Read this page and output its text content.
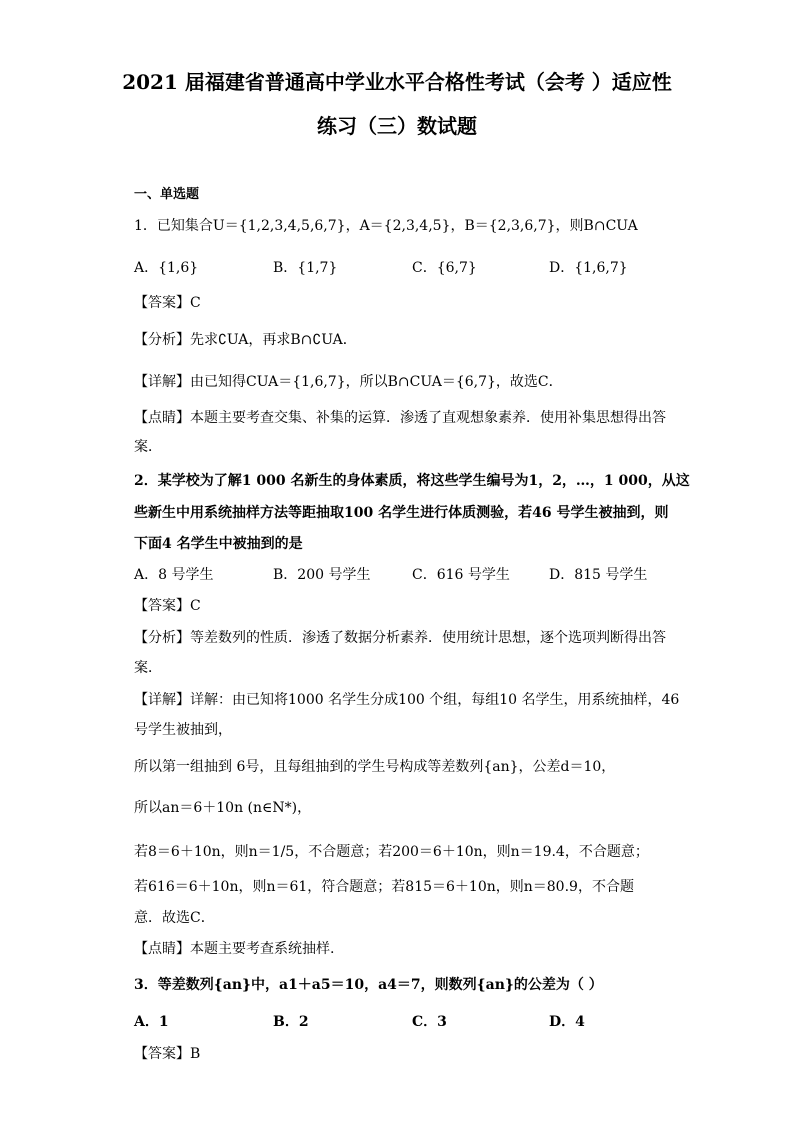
2021 届福建省普通高中学业水平合格性考试（会考 ）适应性
练习（三）数试题
一、单选题
1．已知集合U＝{1,2,3,4,5,6,7}，A＝{2,3,4,5}，B＝{2,3,6,7}，则B∩CUA
A．{1,6}	B．{1,7}	C．{6,7}	D．{1,6,7}
【答案】C
【分析】先求∁UA，再求B∩∁UA．
【详解】由已知得CUA＝{1,6,7}，所以B∩CUA＝{6,7}，故选C．
【点睛】本题主要考查交集、补集的运算．渗透了直观想象素养．使用补集思想得出答
案．
2．某学校为了解1 000 名新生的身体素质，将这些学生编号为1，2，…，1 000，从这
些新生中用系统抽样方法等距抽取100 名学生进行体质测验，若46 号学生被抽到，则
下面4 名学生中被抽到的是
A．8 号学生	B．200 号学生	C．616 号学生	D．815 号学生
【答案】C
【分析】等差数列的性质．渗透了数据分析素养．使用统计思想，逐个选项判断得出答
案．
【详解】详解：由已知将1000 名学生分成100 个组，每组10 名学生，用系统抽样，46
号学生被抽到，
所以第一组抽到 6号，且每组抽到的学生号构成等差数列{an}，公差d＝10，
所以an＝6＋10n (n∈N*)，
若8＝6＋10n，则n＝1/5，不合题意；若200＝6＋10n，则n＝19.4，不合题意；
若616＝6＋10n，则n＝61，符合题意；若815＝6＋10n，则n＝80.9，不合题
意．故选C．
【点睛】本题主要考查系统抽样.
3．等差数列{an}中，a1＋a5＝10，a4＝7，则数列{an}的公差为（ ）
A．1	B．2	C．3	D．4
【答案】B
